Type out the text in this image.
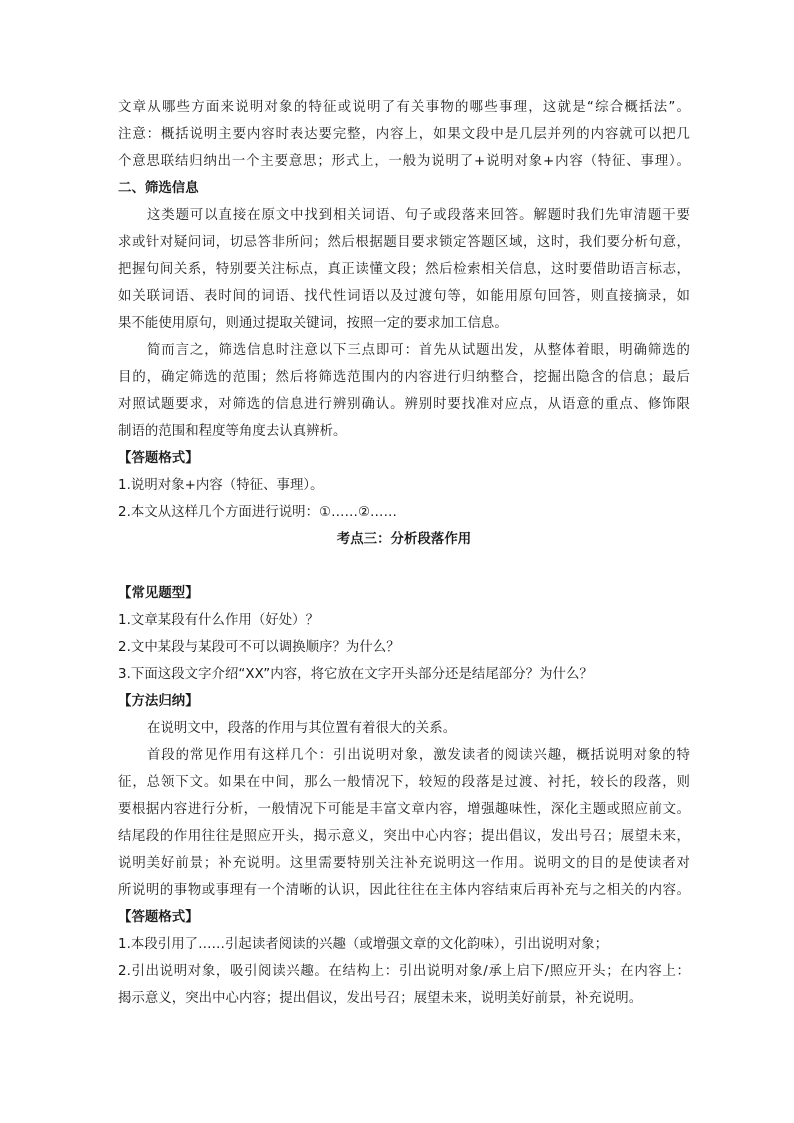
文章从哪些方面来说明对象的特征或说明了有关事物的哪些事理，这就是“综合概括法”。
注意：概括说明主要内容时表达要完整，内容上，如果文段中是几层并列的内容就可以把几
个意思联结归纳出一个主要意思；形式上，一般为说明了+说明对象+内容（特征、事理）。
二、筛选信息
这类题可以直接在原文中找到相关词语、句子或段落来回答。解题时我们先审清题干要
求或针对疑问词，切忌答非所问；然后根据题目要求锁定答题区域，这时，我们要分析句意，
把握句间关系，特别要关注标点，真正读懂文段；然后检索相关信息，这时要借助语言标志，
如关联词语、表时间的词语、找代性词语以及过渡句等，如能用原句回答，则直接摘录，如
果不能使用原句，则通过提取关键词，按照一定的要求加工信息。
简而言之，筛选信息时注意以下三点即可：首先从试题出发，从整体着眼，明确筛选的
目的，确定筛选的范围；然后将筛选范围内的内容进行归纳整合，挖掘出隐含的信息；最后
对照试题要求，对筛选的信息进行辨别确认。辨别时要找准对应点，从语意的重点、修饰限
制语的范围和程度等角度去认真辨析。
【答题格式】
1.说明对象+内容（特征、事理）。
2.本文从这样几个方面进行说明：①……②……
考点三：分析段落作用
【常见题型】
1.文章某段有什么作用（好处）？
2.文中某段与某段可不可以调换顺序？为什么？
3.下面这段文字介绍“XX”内容，将它放在文字开头部分还是结尾部分？为什么？
【方法归纳】
在说明文中，段落的作用与其位置有着很大的关系。
首段的常见作用有这样几个：引出说明对象，激发读者的阅读兴趣，概括说明对象的特
征，总领下文。如果在中间，那么一般情况下，较短的段落是过渡、衬托，较长的段落，则
要根据内容进行分析，一般情况下可能是丰富文章内容，增强趣味性，深化主题或照应前文。
结尾段的作用往往是照应开头，揭示意义，突出中心内容；提出倡议，发出号召；展望未来，
说明美好前景；补充说明。这里需要特别关注补充说明这一作用。说明文的目的是使读者对
所说明的事物或事理有一个清晰的认识，因此往往在主体内容结束后再补充与之相关的内容。
【答题格式】
1.本段引用了……引起读者阅读的兴趣（或增强文章的文化韵味），引出说明对象；
2.引出说明对象，吸引阅读兴趣。在结构上：引出说明对象/承上启下/照应开头；在内容上：
揭示意义，突出中心内容；提出倡议，发出号召；展望未来，说明美好前景，补充说明。
